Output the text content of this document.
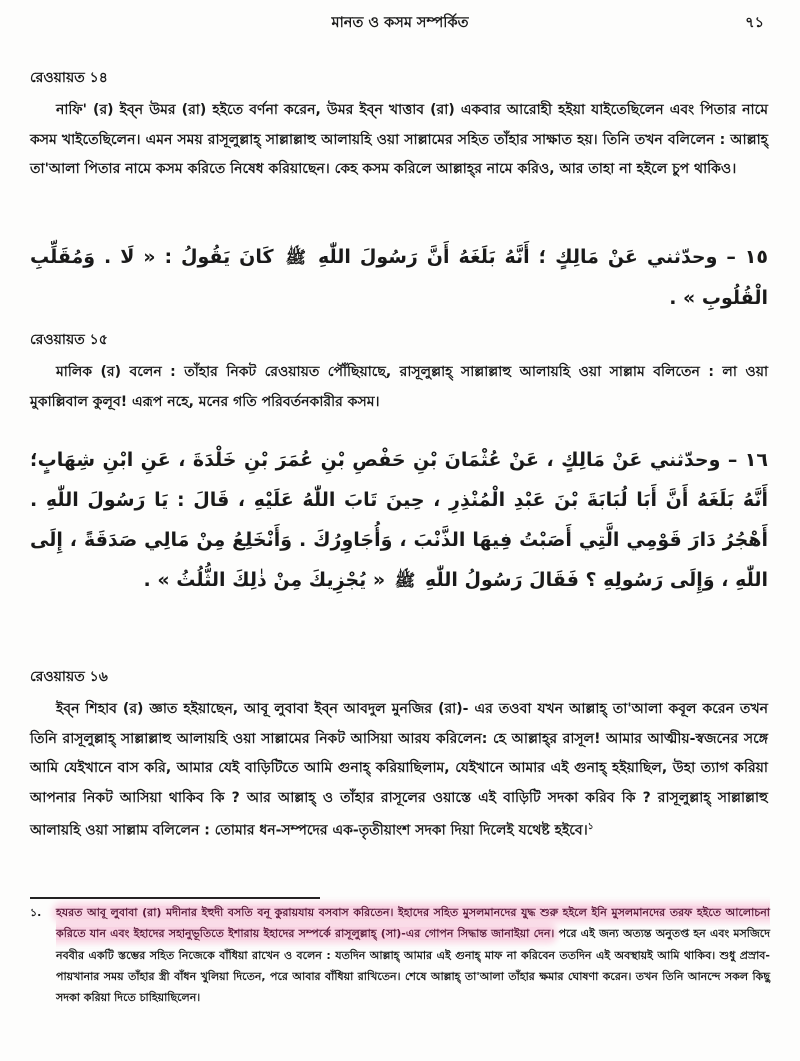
মানত ও কসম সম্পর্কিত	৭১
রেওয়ায়ত ১৪
নাফি' (র) ইব্ন উমর (রা) হইতে বর্ণনা করেন, উমর ইব্ন খাত্তাব (রা) একবার আরোহী হইয়া যাইতেছিলেন এবং পিতার নামে কসম খাইতেছিলেন। এমন সময় রাসূলুল্লাহ্ সাল্লাল্লাহু আলায়হি ওয়া সাল্লামের সহিত তাঁহার সাক্ষাত হয়। তিনি তখন বলিলেন : আল্লাহ্ তা'আলা পিতার নামে কসম করিতে নিষেধ করিয়াছেন। কেহ কসম করিলে আল্লাহ্‌র নামে করিও, আর তাহা না হইলে চুপ থাকিও।
١٥ – وحدّثني عَنْ مَالِكٍ ؛ أَنَّهُ بَلَغَهُ أَنَّ رَسُولَ اللّٰهِ ﷺ كَانَ يَقُولُ : « لَا . وَمُقَلِّبِ الْقُلُوبِ » .
রেওয়ায়ত ১৫
মালিক (র) বলেন : তাঁহার নিকট রেওয়ায়ত পৌঁছিয়াছে, রাসূলুল্লাহ্ সাল্লাল্লাহু আলায়হি ওয়া সাল্লাম বলিতেন : লা ওয়া মুকাল্লিবাল কুলূব! এরূপ নহে, মনের গতি পরিবর্তনকারীর কসম।
١٦ – وحدّثني عَنْ مَالِكٍ ، عَنْ عُثْمَانَ بْنِ حَفْصِ بْنِ عُمَرَ بْنِ خَلْدَةَ ، عَنِ ابْنِ شِهَابٍ؛ أَنَّهُ بَلَغَهُ أَنَّ أَبَا لُبَابَةَ بْنَ عَبْدِ الْمُنْذِرِ ، حِينَ تَابَ اللّٰهُ عَلَيْهِ ، قَالَ : يَا رَسُولَ اللّٰهِ . أَهْجُرُ دَارَ قَوْمِي الَّتِي أَصَبْتُ فِيهَا الذَّنْبَ ، وَأُجَاوِرُكَ . وَأَنْخَلِعُ مِنْ مَالِي صَدَقَةً ، إِلَى اللّٰهِ ، وَإِلَى رَسُولِهِ ؟ فَقَالَ رَسُولُ اللّٰهِ ﷺ « يُجْزِيكَ مِنْ ذٰلِكَ الثُّلُثُ » .
রেওয়ায়ত ১৬
ইব্ন শিহাব (র) জ্ঞাত হইয়াছেন, আবূ লুবাবা ইব্ন আবদুল মুনজির (রা)- এর তওবা যখন আল্লাহ্ তা'আলা কবূল করেন তখন তিনি রাসূলুল্লাহ্ সাল্লাল্লাহু আলায়হি ওয়া সাল্লামের নিকট আসিয়া আরয করিলেন: হে আল্লাহ্‌র রাসূল! আমার আত্মীয়-স্বজনের সঙ্গে আমি যেইখানে বাস করি, আমার যেই বাড়িটিতে আমি গুনাহ্ করিয়াছিলাম, যেইখানে আমার এই গুনাহ্ হইয়াছিল, উহা ত্যাগ করিয়া আপনার নিকট আসিয়া থাকিব কি ? আর আল্লাহ্ ও তাঁহার রাসূলের ওয়াস্তে এই বাড়িটি সদকা করিব কি ? রাসূলুল্লাহ্ সাল্লাল্লাহু আলায়হি ওয়া সাল্লাম বলিলেন : তোমার ধন-সম্পদের এক-তৃতীয়াংশ সদকা দিয়া দিলেই যথেষ্ট হইবে।$^১$
১. হযরত আবূ লুবাবা (রা) মদীনার ইহুদী বসতি বনূ কুরায়যায় বসবাস করিতেন। ইহাদের সহিত মুসলমানদের যুদ্ধ শুরু হইলে ইনি মুসলমানদের তরফ হইতে আলোচনা করিতে যান এবং ইহাদের সহানুভূতিতে ইশারায় ইহাদের সম্পর্কে রাসূলুল্লাহ্ (সা)-এর গোপন সিদ্ধান্ত জানাইয়া দেন। পরে এই জন্য অত্যন্ত অনুতপ্ত হন এবং মসজিদে নববীর একটি স্তম্ভের সহিত নিজেকে বাঁধিয়া রাখেন ও বলেন : যতদিন আল্লাহ্ আমার এই গুনাহ্ মাফ না করিবেন ততদিন এই অবস্থায়ই আমি থাকিব। শুধু প্রস্রাব-পায়খানার সময় তাঁহার স্ত্রী বাঁধন খুলিয়া দিতেন, পরে আবার বাঁধিয়া রাখিতেন। শেষে আল্লাহ্ তা'আলা তাঁহার ক্ষমার ঘোষণা করেন। তখন তিনি আনন্দে সকল কিছু সদকা করিয়া দিতে চাহিয়াছিলেন।
